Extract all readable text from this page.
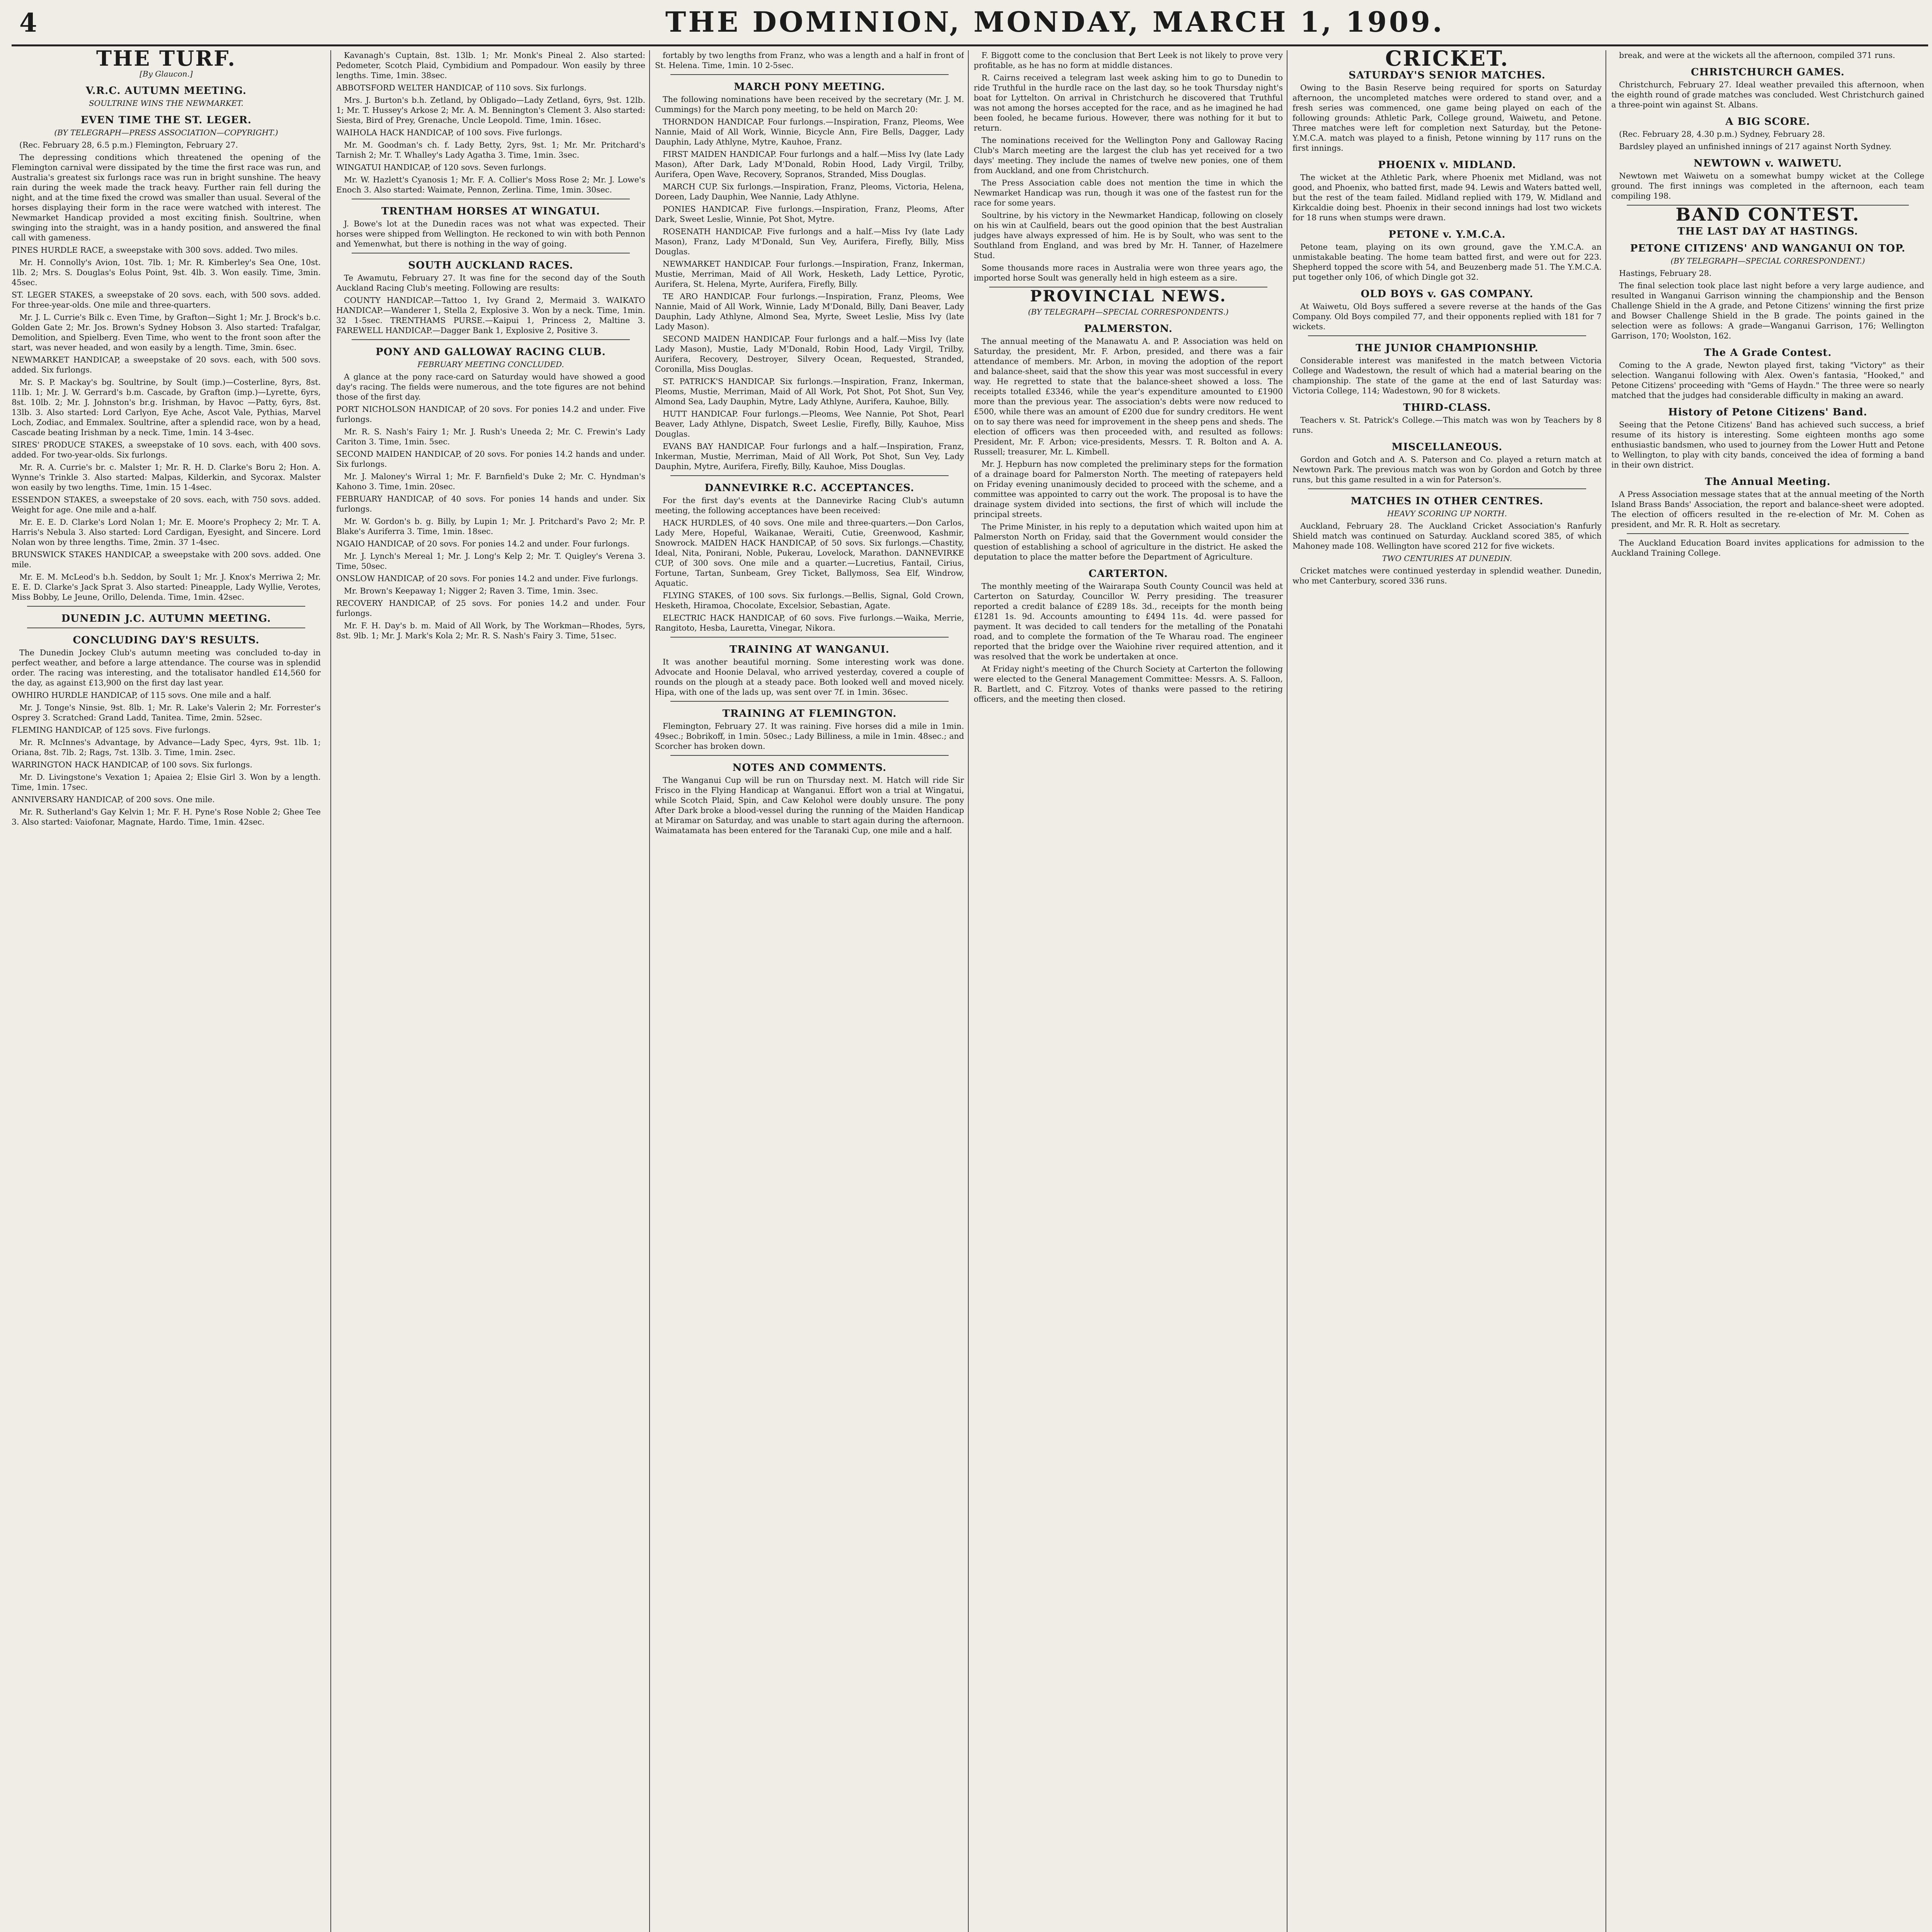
4	THE DOMINION, MONDAY, MARCH 1, 1909.
THE TURF.
[By Glaucon.]
V.R.C. AUTUMN MEETING.
SOULTRINE WINS THE NEWMARKET.
EVEN TIME THE ST. LEGER.
(BY TELEGRAPH—PRESS ASSOCIATION—COPYRIGHT.)

(Rec. February 28, 6.5 p.m.) Flemington, February 27.

The depressing conditions which threatened the opening of the Flemington carnival were dissipated by the time the first race was run, and Australia's greatest six furlongs race was run in bright sunshine. The heavy rain during the week made the track heavy. Further rain fell during the night, and at the time fixed the crowd was smaller than usual. Several of the horses displaying their form in the race were watched with interest. The Newmarket Handicap provided a most exciting finish. Soultrine, when swinging into the straight, was in a handy position, and answered the final call with gameness.

PINES HURDLE RACE, a sweepstake with 300 sovs. added. Two miles.

Mr. H. Connolly's Avion, 10st. 7lb. 1; Mr. R. Kimberley's Sea One, 10st. 1lb. 2; Mrs. S. Douglas's Eolus Point, 9st. 4lb. 3. Won easily. Time, 3min. 45sec.

ST. LEGER STAKES, a sweepstake of 20 sovs. each, with 500 sovs. added. For three-year-olds. One mile and three-quarters.

Mr. J. L. Currie's Bilk c. Even Time, by Grafton—Sight 1; Mr. J. Brock's b.c. Golden Gate 2; Mr. Jos. Brown's Sydney Hobson 3. Also started: Trafalgar, Demolition, and Spielberg. Even Time, who went to the front soon after the start, was never headed, and won easily by a length. Time, 3min. 6sec.

NEWMARKET HANDICAP, a sweepstake of 20 sovs. each, with 500 sovs. added. Six furlongs.

Mr. S. P. Mackay's bg. Soultrine, by Soult (imp.)—Costerline, 8yrs, 8st. 11lb. 1; Mr. J. W. Gerrard's b.m. Cascade, by Grafton (imp.)—Lyrette, 6yrs, 8st. 10lb. 2; Mr. J. Johnston's br.g. Irishman, by Havoc —Patty, 6yrs, 8st. 13lb. 3. Also started: Lord Carlyon, Eye Ache, Ascot Vale, Pythias, Marvel Loch, Zodiac, and Emmalex. Soultrine, after a splendid race, won by a head, Cascade beating Irishman by a neck. Time, 1min. 14 3-4sec.

SIRES' PRODUCE STAKES, a sweepstake of 10 sovs. each, with 400 sovs. added. For two-year-olds. Six furlongs.

Mr. R. A. Currie's br. c. Malster 1; Mr. R. H. D. Clarke's Boru 2; Hon. A. Wynne's Trinkle 3. Also started: Malpas, Kilderkin, and Sycorax. Malster won easily by two lengths. Time, 1min. 15 1-4sec.

ESSENDON STAKES, a sweepstake of 20 sovs. each, with 750 sovs. added. Weight for age. One mile and a-half.

Mr. E. E. D. Clarke's Lord Nolan 1; Mr. E. Moore's Prophecy 2; Mr. T. A. Harris's Nebula 3. Also started: Lord Cardigan, Eyesight, and Sincere. Lord Nolan won by three lengths. Time, 2min. 37 1-4sec.

BRUNSWICK STAKES HANDICAP, a sweepstake with 200 sovs. added. One mile.

Mr. E. M. McLeod's b.h. Seddon, by Soult 1; Mr. J. Knox's Merriwa 2; Mr. E. E. D. Clarke's Jack Sprat 3. Also started: Pineapple, Lady Wyllie, Verotes, Miss Bobby, Le Jeune, Orillo, Delenda. Time, 1min. 42sec.

DUNEDIN J.C. AUTUMN MEETING.
CONCLUDING DAY'S RESULTS.

The Dunedin Jockey Club's autumn meeting was concluded to-day in perfect weather, and before a large attendance. The course was in splendid order. The racing was interesting, and the totalisator handled £14,560 for the day, as against £13,900 on the first day last year.

OWHIRO HURDLE HANDICAP, of 115 sovs. One mile and a half.

Mr. J. Tonge's Ninsie, 9st. 8lb. 1; Mr. R. Lake's Valerin 2; Mr. Forrester's Osprey 3. Scratched: Grand Ladd, Tanitea. Time, 2min. 52sec.

FLEMING HANDICAP, of 125 sovs. Five furlongs.

Mr. R. McInnes's Advantage, by Advance—Lady Spec, 4yrs, 9st. 1lb. 1; Oriana, 8st. 7lb. 2; Rags, 7st. 13lb. 3. Time, 1min. 2sec.

WARRINGTON HACK HANDICAP, of 100 sovs. Six furlongs.

Mr. D. Livingstone's Vexation 1; Apaiea 2; Elsie Girl 3. Won by a length. Time, 1min. 17sec.

ANNIVERSARY HANDICAP, of 200 sovs. One mile.

Mr. R. Sutherland's Gay Kelvin 1; Mr. F. H. Pyne's Rose Noble 2; Ghee Tee 3. Also started: Vaiofonar, Magnate, Hardo. Time, 1min. 42sec.

Kavanagh's Cuptain, 8st. 13lb. 1; Mr. Monk's Pineal 2. Also started: Pedometer, Scotch Plaid, Cymbidium and Pompadour. Won easily by three lengths. Time, 1min. 38sec.

ABBOTSFORD WELTER HANDICAP, of 110 sovs. Six furlongs.

Mrs. J. Burton's b.h. Zetland, by Obligado—Lady Zetland, 6yrs, 9st. 12lb. 1; Mr. T. Hussey's Arkose 2; Mr. A. M. Bennington's Clement 3. Also started: Siesta, Bird of Prey, Grenache, Uncle Leopold. Time, 1min. 16sec.

WAIHOLA HACK HANDICAP, of 100 sovs. Five furlongs.

Mr. M. Goodman's ch. f. Lady Betty, 2yrs, 9st. 1; Mr. Mr. Pritchard's Tarnish 2; Mr. T. Whalley's Lady Agatha 3. Time, 1min. 3sec.

WINGATUI HANDICAP, of 120 sovs. Seven furlongs.

Mr. W. Hazlett's Cyanosis 1; Mr. F. A. Collier's Moss Rose 2; Mr. J. Lowe's Enoch 3. Also started: Waimate, Pennon, Zerlina. Time, 1min. 30sec.

TRENTHAM HORSES AT WINGATUI.

J. Bowe's lot at the Dunedin races was not what was expected. Their horses were shipped from Wellington. He reckoned to win with both Pennon and Yemenwhat, but there is nothing in the way of going.

SOUTH AUCKLAND RACES.

Te Awamutu, February 27. It was fine for the second day of the South Auckland Racing Club's meeting. Following are results:

COUNTY HANDICAP.—Tattoo 1, Ivy Grand 2, Mermaid 3. WAIKATO HANDICAP.—Wanderer 1, Stella 2, Explosive 3. Won by a neck. Time, 1min. 32 1-5sec. TRENTHAMS PURSE.—Kaipui 1, Princess 2, Maltine 3. FAREWELL HANDICAP.—Dagger Bank 1, Explosive 2, Positive 3.

PONY AND GALLOWAY RACING CLUB.
FEBRUARY MEETING CONCLUDED.

A glance at the pony race-card on Saturday would have showed a good day's racing. The fields were numerous, and the tote figures are not behind those of the first day.

PORT NICHOLSON HANDICAP, of 20 sovs. For ponies 14.2 and under. Five furlongs.

Mr. R. S. Nash's Fairy 1; Mr. J. Rush's Uneeda 2; Mr. C. Frewin's Lady Cariton 3. Time, 1min. 5sec.

SECOND MAIDEN HANDICAP, of 20 sovs. For ponies 14.2 hands and under. Six furlongs.

Mr. J. Maloney's Wirral 1; Mr. F. Barnfield's Duke 2; Mr. C. Hyndman's Kahono 3. Time, 1min. 20sec.

FEBRUARY HANDICAP, of 40 sovs. For ponies 14 hands and under. Six furlongs.

Mr. W. Gordon's b. g. Billy, by Lupin 1; Mr. J. Pritchard's Pavo 2; Mr. P. Blake's Auriferra 3. Time, 1min. 18sec.

NGAIO HANDICAP, of 20 sovs. For ponies 14.2 and under. Four furlongs.

Mr. J. Lynch's Mereal 1; Mr. J. Long's Kelp 2; Mr. T. Quigley's Verena 3. Time, 50sec.

ONSLOW HANDICAP, of 20 sovs. For ponies 14.2 and under. Five furlongs.

Mr. Brown's Keepaway 1; Nigger 2; Raven 3. Time, 1min. 3sec.

RECOVERY HANDICAP, of 25 sovs. For ponies 14.2 and under. Four furlongs.

Mr. F. H. Day's b. m. Maid of All Work, by The Workman—Rhodes, 5yrs, 8st. 9lb. 1; Mr. J. Mark's Kola 2; Mr. R. S. Nash's Fairy 3. Time, 51sec.

fortably by two lengths from Franz, who was a length and a half in front of St. Helena. Time, 1min. 10 2-5sec.

MARCH PONY MEETING.

The following nominations have been received by the secretary (Mr. J. M. Cummings) for the March pony meeting, to be held on March 20:

THORNDON HANDICAP. Four furlongs.—Inspiration, Franz, Pleoms, Wee Nannie, Maid of All Work, Winnie, Bicycle Ann, Fire Bells, Dagger, Lady Dauphin, Lady Athlyne, Mytre, Kauhoe, Franz.

FIRST MAIDEN HANDICAP. Four furlongs and a half.—Miss Ivy (late Lady Mason), After Dark, Lady M'Donald, Robin Hood, Lady Virgil, Trilby, Aurifera, Open Wave, Recovery, Sopranos, Stranded, Miss Douglas.

MARCH CUP. Six furlongs.—Inspiration, Franz, Pleoms, Victoria, Helena, Doreen, Lady Dauphin, Wee Nannie, Lady Athlyne.

PONIES HANDICAP. Five furlongs.—Inspiration, Franz, Pleoms, After Dark, Sweet Leslie, Winnie, Pot Shot, Mytre.

ROSENATH HANDICAP. Five furlongs and a half.—Miss Ivy (late Lady Mason), Franz, Lady M'Donald, Sun Vey, Aurifera, Firefly, Billy, Miss Douglas.

NEWMARKET HANDICAP. Four furlongs.—Inspiration, Franz, Inkerman, Mustie, Merriman, Maid of All Work, Hesketh, Lady Lettice, Pyrotic, Aurifera, St. Helena, Myrte, Aurifera, Firefly, Billy.

TE ARO HANDICAP. Four furlongs.—Inspiration, Franz, Pleoms, Wee Nannie, Maid of All Work, Winnie, Lady M'Donald, Billy, Dani Beaver, Lady Dauphin, Lady Athlyne, Almond Sea, Myrte, Sweet Leslie, Miss Ivy (late Lady Mason).

SECOND MAIDEN HANDICAP. Four furlongs and a half.—Miss Ivy (late Lady Mason), Mustie, Lady M'Donald, Robin Hood, Lady Virgil, Trilby, Aurifera, Recovery, Destroyer, Silvery Ocean, Requested, Stranded, Coronilla, Miss Douglas.

ST. PATRICK'S HANDICAP. Six furlongs.—Inspiration, Franz, Inkerman, Pleoms, Mustie, Merriman, Maid of All Work, Pot Shot, Pot Shot, Sun Vey, Almond Sea, Lady Dauphin, Mytre, Lady Athlyne, Aurifera, Kauhoe, Billy.

HUTT HANDICAP. Four furlongs.—Pleoms, Wee Nannie, Pot Shot, Pearl Beaver, Lady Athlyne, Dispatch, Sweet Leslie, Firefly, Billy, Kauhoe, Miss Douglas.

EVANS BAY HANDICAP. Four furlongs and a half.—Inspiration, Franz, Inkerman, Mustie, Merriman, Maid of All Work, Pot Shot, Sun Vey, Lady Dauphin, Mytre, Aurifera, Firefly, Billy, Kauhoe, Miss Douglas.

DANNEVIRKE R.C. ACCEPTANCES.

For the first day's events at the Dannevirke Racing Club's autumn meeting, the following acceptances have been received:

HACK HURDLES, of 40 sovs. One mile and three-quarters.—Don Carlos, Lady Mere, Hopeful, Waikanae, Weraiti, Cutie, Greenwood, Kashmir, Snowrock. MAIDEN HACK HANDICAP, of 50 sovs. Six furlongs.—Chastity, Ideal, Nita, Ponirani, Noble, Pukerau, Lovelock, Marathon. DANNEVIRKE CUP, of 300 sovs. One mile and a quarter.—Lucretius, Fantail, Cirius, Fortune, Tartan, Sunbeam, Grey Ticket, Ballymoss, Sea Elf, Windrow, Aquatic.

FLYING STAKES, of 100 sovs. Six furlongs.—Bellis, Signal, Gold Crown, Hesketh, Hiramoa, Chocolate, Excelsior, Sebastian, Agate.

ELECTRIC HACK HANDICAP, of 60 sovs. Five furlongs.—Waika, Merrie, Rangitoto, Hesba, Lauretta, Vinegar, Nikora.

TRAINING AT WANGANUI.

It was another beautiful morning. Some interesting work was done. Advocate and Hoonie Delaval, who arrived yesterday, covered a couple of rounds on the plough at a steady pace. Both looked well and moved nicely. Hipa, with one of the lads up, was sent over 7f. in 1min. 36sec.

TRAINING AT FLEMINGTON.

Flemington, February 27. It was raining. Five horses did a mile in 1min. 49sec.; Bobrikoff, in 1min. 50sec.; Lady Billiness, a mile in 1min. 48sec.; and Scorcher has broken down.

NOTES AND COMMENTS.

The Wanganui Cup will be run on Thursday next. M. Hatch will ride Sir Frisco in the Flying Handicap at Wanganui. Effort won a trial at Wingatui, while Scotch Plaid, Spin, and Caw Kelohol were doubly unsure. The pony After Dark broke a blood-vessel during the running of the Maiden Handicap at Miramar on Saturday, and was unable to start again during the afternoon. Waimatamata has been entered for the Taranaki Cup, one mile and a half.

F. Biggott come to the conclusion that Bert Leek is not likely to prove very profitable, as he has no form at middle distances.

R. Cairns received a telegram last week asking him to go to Dunedin to ride Truthful in the hurdle race on the last day, so he took Thursday night's boat for Lyttelton. On arrival in Christchurch he discovered that Truthful was not among the horses accepted for the race, and as he imagined he had been fooled, he became furious. However, there was nothing for it but to return.

The nominations received for the Wellington Pony and Galloway Racing Club's March meeting are the largest the club has yet received for a two days' meeting. They include the names of twelve new ponies, one of them from Auckland, and one from Christchurch.

The Press Association cable does not mention the time in which the Newmarket Handicap was run, though it was one of the fastest run for the race for some years.

Soultrine, by his victory in the Newmarket Handicap, following on closely on his win at Caulfield, bears out the good opinion that the best Australian judges have always expressed of him. He is by Soult, who was sent to the Southland from England, and was bred by Mr. H. Tanner, of Hazelmere Stud.

Some thousands more races in Australia were won three years ago, the imported horse Soult was generally held in high esteem as a sire.

PROVINCIAL NEWS.
(BY TELEGRAPH—SPECIAL CORRESPONDENTS.)
PALMERSTON.

The annual meeting of the Manawatu A. and P. Association was held on Saturday, the president, Mr. F. Arbon, presided, and there was a fair attendance of members. Mr. Arbon, in moving the adoption of the report and balance-sheet, said that the show this year was most successful in every way. He regretted to state that the balance-sheet showed a loss. The receipts totalled £3346, while the year's expenditure amounted to £1900 more than the previous year. The association's debts were now reduced to £500, while there was an amount of £200 due for sundry creditors. He went on to say there was need for improvement in the sheep pens and sheds. The election of officers was then proceeded with, and resulted as follows: President, Mr. F. Arbon; vice-presidents, Messrs. T. R. Bolton and A. A. Russell; treasurer, Mr. L. Kimbell.

Mr. J. Hepburn has now completed the preliminary steps for the formation of a drainage board for Palmerston North. The meeting of ratepayers held on Friday evening unanimously decided to proceed with the scheme, and a committee was appointed to carry out the work. The proposal is to have the drainage system divided into sections, the first of which will include the principal streets.

The Prime Minister, in his reply to a deputation which waited upon him at Palmerston North on Friday, said that the Government would consider the question of establishing a school of agriculture in the district. He asked the deputation to place the matter before the Department of Agriculture.

CARTERTON.

The monthly meeting of the Wairarapa South County Council was held at Carterton on Saturday, Councillor W. Perry presiding. The treasurer reported a credit balance of £289 18s. 3d., receipts for the month being £1281 1s. 9d. Accounts amounting to £494 11s. 4d. were passed for payment. It was decided to call tenders for the metalling of the Ponatahi road, and to complete the formation of the Te Wharau road. The engineer reported that the bridge over the Waiohine river required attention, and it was resolved that the work be undertaken at once.

At Friday night's meeting of the Church Society at Carterton the following were elected to the General Management Committee: Messrs. A. S. Falloon, R. Bartlett, and C. Fitzroy. Votes of thanks were passed to the retiring officers, and the meeting then closed.

CRICKET.
SATURDAY'S SENIOR MATCHES.

Owing to the Basin Reserve being required for sports on Saturday afternoon, the uncompleted matches were ordered to stand over, and a fresh series was commenced, one game being played on each of the following grounds: Athletic Park, College ground, Waiwetu, and Petone. Three matches were left for completion next Saturday, but the Petone-Y.M.C.A. match was played to a finish, Petone winning by 117 runs on the first innings.

PHOENIX v. MIDLAND.

The wicket at the Athletic Park, where Phoenix met Midland, was not good, and Phoenix, who batted first, made 94. Lewis and Waters batted well, but the rest of the team failed. Midland replied with 179, W. Midland and Kirkcaldie doing best. Phoenix in their second innings had lost two wickets for 18 runs when stumps were drawn.

PETONE v. Y.M.C.A.

Petone team, playing on its own ground, gave the Y.M.C.A. an unmistakable beating. The home team batted first, and were out for 223. Shepherd topped the score with 54, and Beuzenberg made 51. The Y.M.C.A. put together only 106, of which Dingle got 32.

OLD BOYS v. GAS COMPANY.

At Waiwetu, Old Boys suffered a severe reverse at the hands of the Gas Company. Old Boys compiled 77, and their opponents replied with 181 for 7 wickets.

THE JUNIOR CHAMPIONSHIP.

Considerable interest was manifested in the match between Victoria College and Wadestown, the result of which had a material bearing on the championship. The state of the game at the end of last Saturday was: Victoria College, 114; Wadestown, 90 for 8 wickets.

THIRD-CLASS.

Teachers v. St. Patrick's College.—This match was won by Teachers by 8 runs.

MISCELLANEOUS.

Gordon and Gotch and A. S. Paterson and Co. played a return match at Newtown Park. The previous match was won by Gordon and Gotch by three runs, but this game resulted in a win for Paterson's.

MATCHES IN OTHER CENTRES.
HEAVY SCORING UP NORTH.

Auckland, February 28. The Auckland Cricket Association's Ranfurly Shield match was continued on Saturday. Auckland scored 385, of which Mahoney made 108. Wellington have scored 212 for five wickets.

TWO CENTURIES AT DUNEDIN.

Cricket matches were continued yesterday in splendid weather. Dunedin, who met Canterbury, scored 336 runs.

break, and were at the wickets all the afternoon, compiled 371 runs.

CHRISTCHURCH GAMES.

Christchurch, February 27. Ideal weather prevailed this afternoon, when the eighth round of grade matches was concluded. West Christchurch gained a three-point win against St. Albans.

A BIG SCORE.

(Rec. February 28, 4.30 p.m.) Sydney, February 28.

Bardsley played an unfinished innings of 217 against North Sydney.

NEWTOWN v. WAIWETU.

Newtown met Waiwetu on a somewhat bumpy wicket at the College ground. The first innings was completed in the afternoon, each team compiling 198.

BAND CONTEST.
THE LAST DAY AT HASTINGS.
PETONE CITIZENS' AND WANGANUI ON TOP.
(BY TELEGRAPH—SPECIAL CORRESPONDENT.)

Hastings, February 28.

The final selection took place last night before a very large audience, and resulted in Wanganui Garrison winning the championship and the Benson Challenge Shield in the A grade, and Petone Citizens' winning the first prize and Bowser Challenge Shield in the B grade. The points gained in the selection were as follows: A grade—Wanganui Garrison, 176; Wellington Garrison, 170; Woolston, 162.

The A Grade Contest.

Coming to the A grade, Newton played first, taking "Victory" as their selection. Wanganui following with Alex. Owen's fantasia, "Hooked," and Petone Citizens' proceeding with "Gems of Haydn." The three were so nearly matched that the judges had considerable difficulty in making an award.

History of Petone Citizens' Band.

Seeing that the Petone Citizens' Band has achieved such success, a brief resume of its history is interesting. Some eighteen months ago some enthusiastic bandsmen, who used to journey from the Lower Hutt and Petone to Wellington, to play with city bands, conceived the idea of forming a band in their own district.

The Annual Meeting.

A Press Association message states that at the annual meeting of the North Island Brass Bands' Association, the report and balance-sheet were adopted. The election of officers resulted in the re-election of Mr. M. Cohen as president, and Mr. R. R. Holt as secretary.

The Auckland Education Board invites applications for admission to the Auckland Training College.
